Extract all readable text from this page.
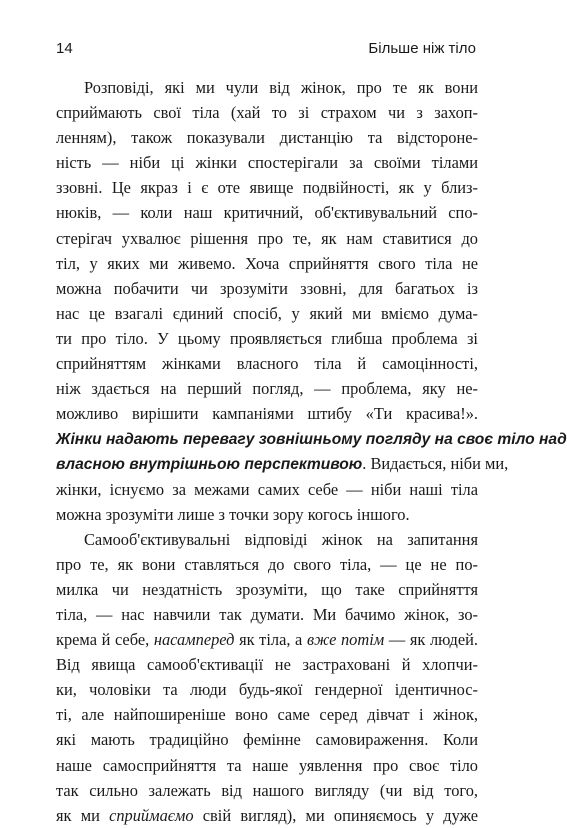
14	Більше ніж тіло
Розповіді, які ми чули від жінок, про те як вони
сприймають свої тіла (хай то зі страхом чи з захоп-
ленням), також показували дистанцію та відстороне-
ність — ніби ці жінки спостерігали за своїми тілами
ззовні. Це якраз і є оте явище подвійності, як у близ-
нюків, — коли наш критичний, об'єктивувальний спо-
стерігач ухвалює рішення про те, як нам ставитися до
тіл, у яких ми живемо. Хоча сприйняття свого тіла не
можна побачити чи зрозуміти ззовні, для багатьох із
нас це взагалі єдиний спосіб, у який ми вміємо дума-
ти про тіло. У цьому проявляється глибша проблема зі
сприйняттям жінками власного тіла й самоцінності,
ніж здається на перший погляд, — проблема, яку не-
можливо вирішити кампаніями штибу «Ти красива!».
Жінки надають перевагу зовнішньому погляду на своє тіло над
власною внутрішньою перспективою. Видається, ніби ми,
жінки, існуємо за межами самих себе — ніби наші тіла
можна зрозуміти лише з точки зору когось іншого.
Самооб'єктивувальні відповіді жінок на запитання
про те, як вони ставляться до свого тіла, — це не по-
милка чи нездатність зрозуміти, що таке сприйняття
тіла, — нас навчили так думати. Ми бачимо жінок, зо-
крема й себе, насамперед як тіла, а вже потім — як людей.
Від явища самооб'єктивації не застраховані й хлопчи-
ки, чоловіки та люди будь-якої гендерної ідентичнос-
ті, але найпоширеніше воно саме серед дівчат і жінок,
які мають традиційно фемінне самовираження. Коли
наше самосприйняття та наше уявлення про своє тіло
так сильно залежать від нашого вигляду (чи від того,
як ми сприймаємо свій вигляд), ми опиняємось у дуже
